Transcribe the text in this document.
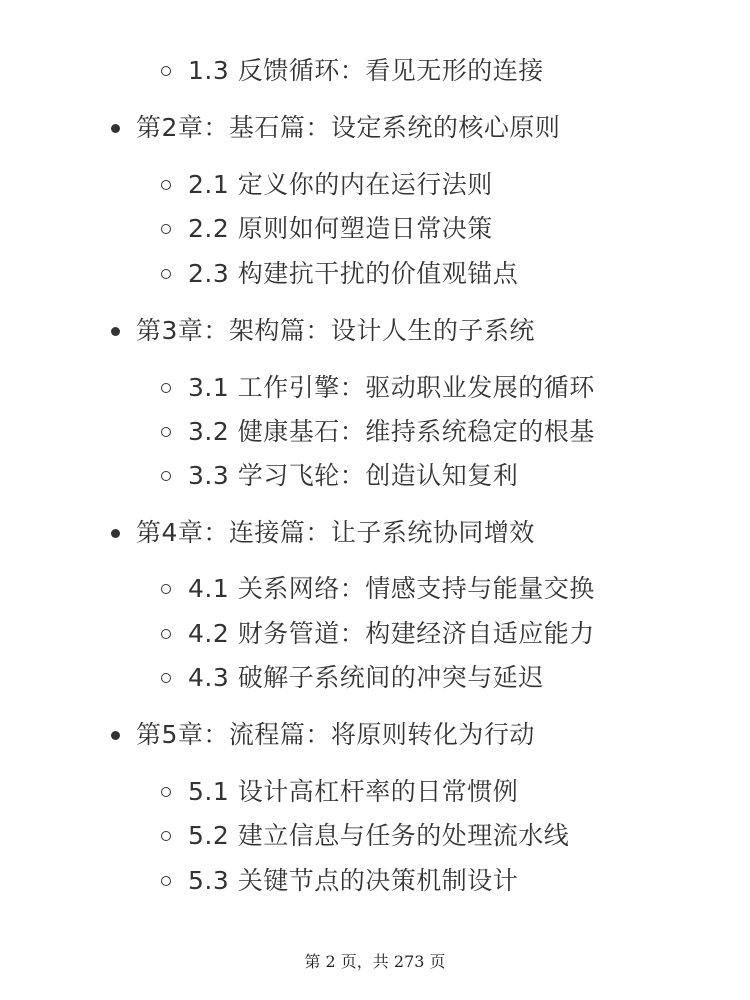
1.3 反馈循环：看见无形的连接
第2章：基石篇：设定系统的核心原则
2.1 定义你的内在运行法则
2.2 原则如何塑造日常决策
2.3 构建抗干扰的价值观锚点
第3章：架构篇：设计人生的子系统
3.1 工作引擎：驱动职业发展的循环
3.2 健康基石：维持系统稳定的根基
3.3 学习飞轮：创造认知复利
第4章：连接篇：让子系统协同增效
4.1 关系网络：情感支持与能量交换
4.2 财务管道：构建经济自适应能力
4.3 破解子系统间的冲突与延迟
第5章：流程篇：将原则转化为行动
5.1 设计高杠杆率的日常惯例
5.2 建立信息与任务的处理流水线
5.3 关键节点的决策机制设计
第 2 页，共 273 页
